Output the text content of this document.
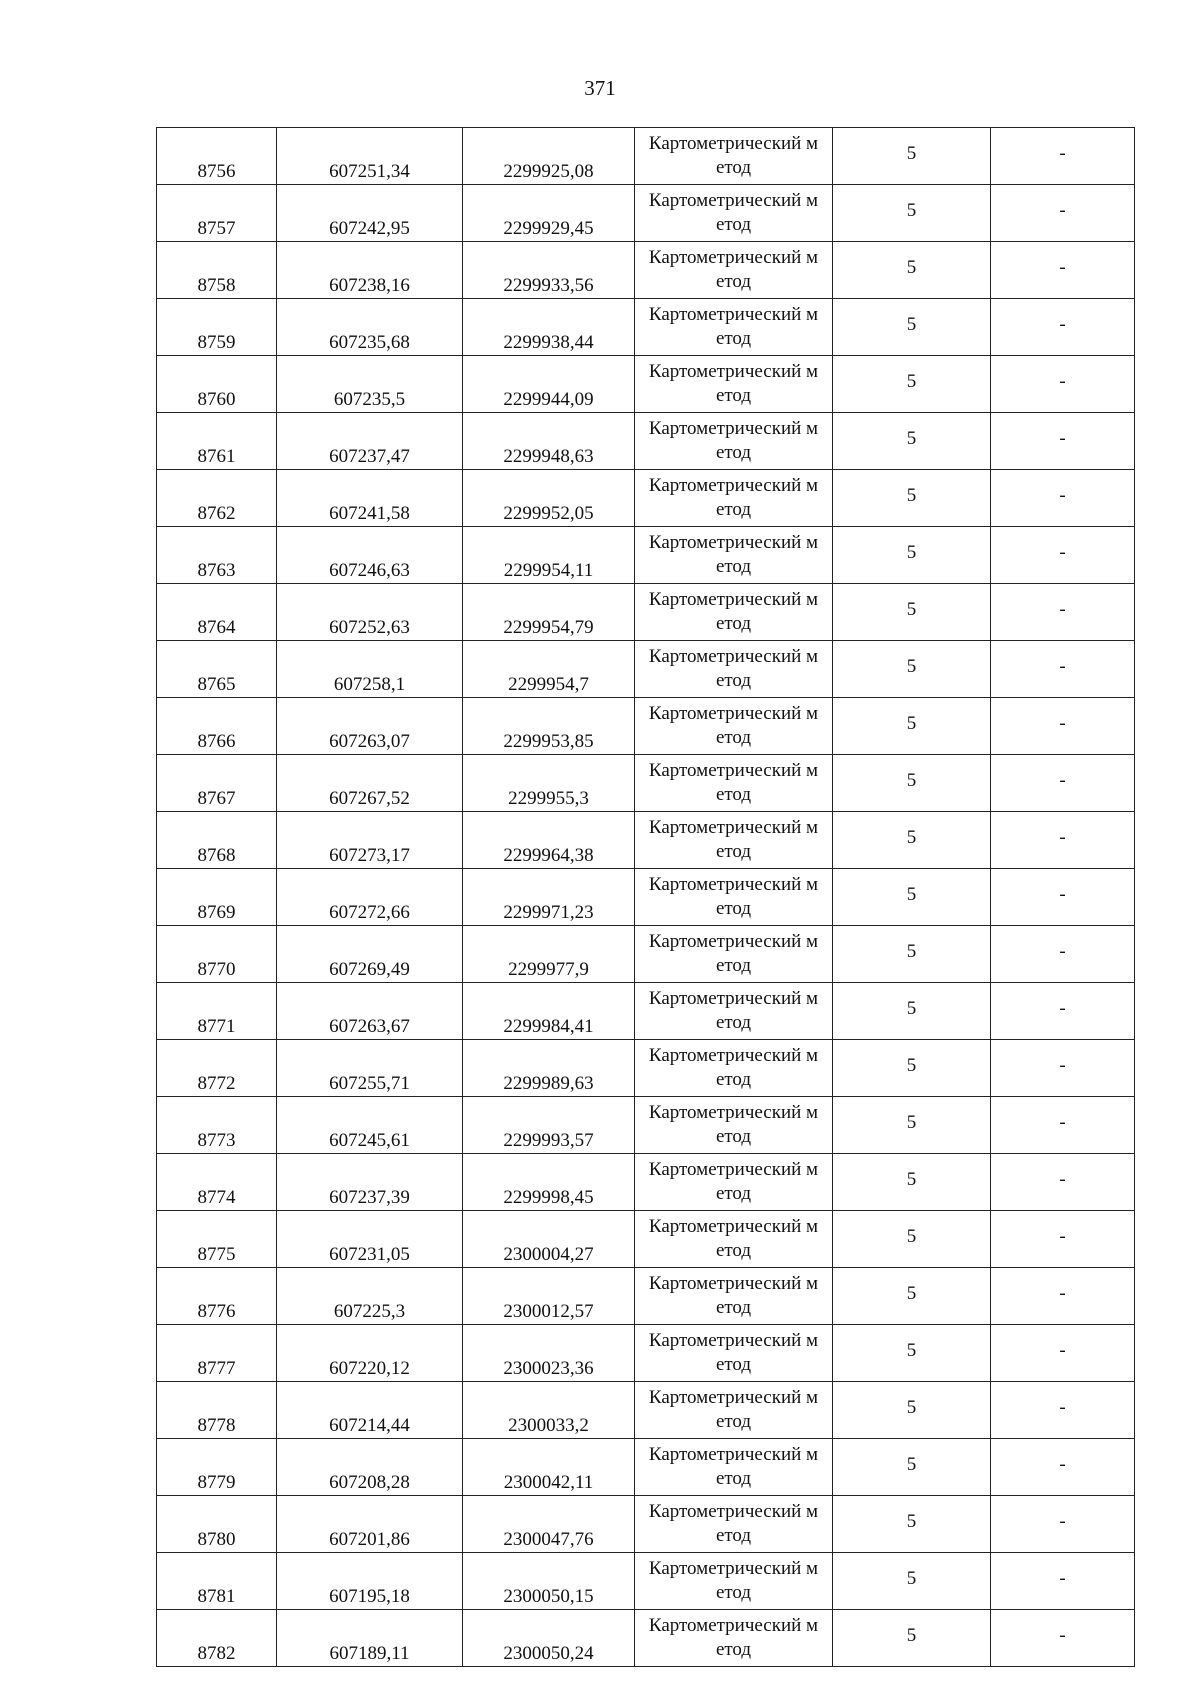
371
8756	607251,34	2299925,08	Картометрический метод	5	-
8757	607242,95	2299929,45	Картометрический метод	5	-
8758	607238,16	2299933,56	Картометрический метод	5	-
8759	607235,68	2299938,44	Картометрический метод	5	-
8760	607235,5	2299944,09	Картометрический метод	5	-
8761	607237,47	2299948,63	Картометрический метод	5	-
8762	607241,58	2299952,05	Картометрический метод	5	-
8763	607246,63	2299954,11	Картометрический метод	5	-
8764	607252,63	2299954,79	Картометрический метод	5	-
8765	607258,1	2299954,7	Картометрический метод	5	-
8766	607263,07	2299953,85	Картометрический метод	5	-
8767	607267,52	2299955,3	Картометрический метод	5	-
8768	607273,17	2299964,38	Картометрический метод	5	-
8769	607272,66	2299971,23	Картометрический метод	5	-
8770	607269,49	2299977,9	Картометрический метод	5	-
8771	607263,67	2299984,41	Картометрический метод	5	-
8772	607255,71	2299989,63	Картометрический метод	5	-
8773	607245,61	2299993,57	Картометрический метод	5	-
8774	607237,39	2299998,45	Картометрический метод	5	-
8775	607231,05	2300004,27	Картометрический метод	5	-
8776	607225,3	2300012,57	Картометрический метод	5	-
8777	607220,12	2300023,36	Картометрический метод	5	-
8778	607214,44	2300033,2	Картометрический метод	5	-
8779	607208,28	2300042,11	Картометрический метод	5	-
8780	607201,86	2300047,76	Картометрический метод	5	-
8781	607195,18	2300050,15	Картометрический метод	5	-
8782	607189,11	2300050,24	Картометрический метод	5	-
